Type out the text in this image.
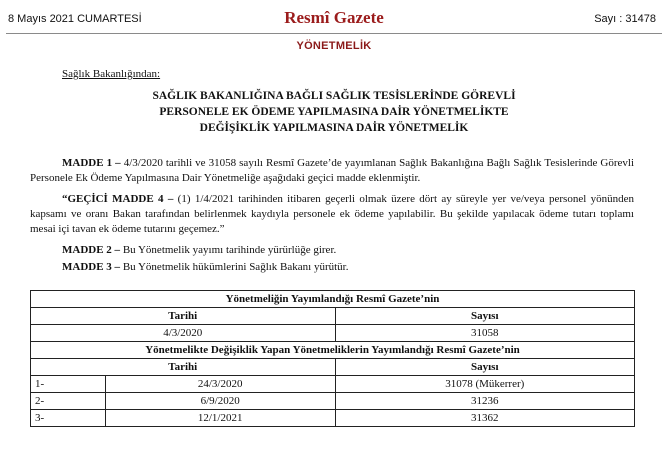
8 Mayıs 2021 CUMARTESİ	Resmî Gazete	Sayı : 31478
YÖNETMELİK
Sağlık Bakanlığından:
SAĞLIK BAKANLIĞINA BAĞLI SAĞLIK TESİSLERİNDE GÖREVLİ
PERSONELE EK ÖDEME YAPILMASINA DAİR YÖNETMELİKTE
DEĞİŞİKLİK YAPILMASINA DAİR YÖNETMELİK
MADDE 1 – 4/3/2020 tarihli ve 31058 sayılı Resmî Gazete’de yayımlanan Sağlık Bakanlığına Bağlı Sağlık Tesislerinde Görevli Personele Ek Ödeme Yapılmasına Dair Yönetmeliğe aşağıdaki geçici madde eklenmiştir.
“GEÇİCİ MADDE 4 – (1) 1/4/2021 tarihinden itibaren geçerli olmak üzere dört ay süreyle yer ve/veya personel yönünden kapsamı ve oranı Bakan tarafından belirlenmek kaydıyla personele ek ödeme yapılabilir. Bu şekilde yapılacak ödeme tutarı toplamı mesai içi tavan ek ödeme tutarını geçemez.”
MADDE 2 – Bu Yönetmelik yayımı tarihinde yürürlüğe girer.
MADDE 3 – Bu Yönetmelik hükümlerini Sağlık Bakanı yürütür.
Yönetmeliğin Yayımlandığı Resmî Gazete’nin		
Tarihi		Sayısı
4/3/2020		31058
Yönetmelikte Değişiklik Yapan Yönetmeliklerin Yayımlandığı Resmî Gazete’nin		
Tarihi		Sayısı
1-	24/3/2020	31078 (Mükerrer)
2-	6/9/2020	31236
3-	12/1/2021	31362
